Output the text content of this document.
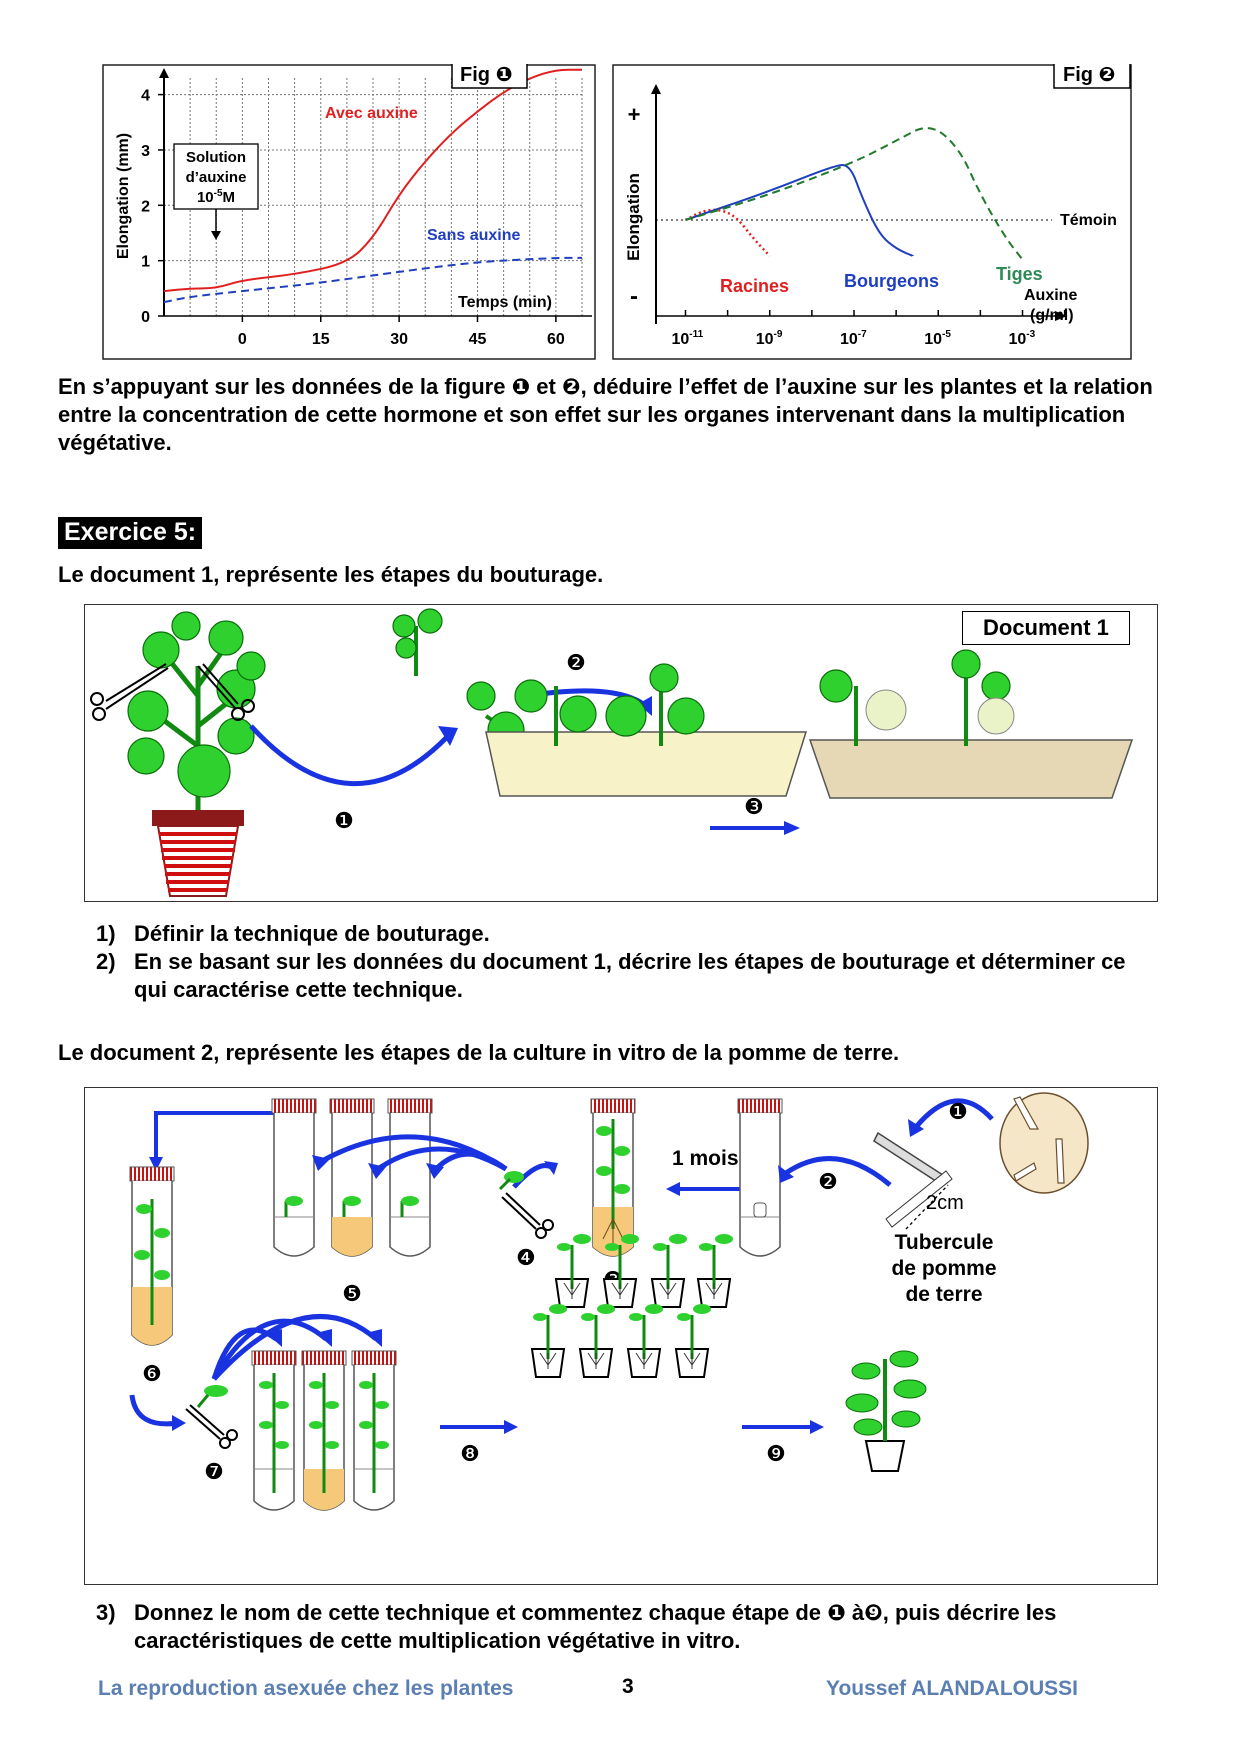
0
1
2
3
4
0	15	30	45	60
Elongation (mm)
Temps (min)
Avec auxine
Sans auxine
Solution
d’auxine
$10^{-5}M$
Fig ❶
+
-
Elongation	Témoin
Racines	Bourgeons	Tiges
Auxine
(g/ml)
$10^{-11}$	$10^{-9}$	$10^{-7}$	$10^{-5}$	$10^{-3}$
Fig ❷
En s’appuyant sur les données de la figure ❶ et ❷, déduire l’effet de l’auxine sur les plantes et la relation entre la concentration de cette hormone et son effet sur les organes intervenant dans la multiplication végétative.
Exercice 5:
Le document 1, représente les étapes du bouturage.
Document 1
❶
❷
❸
1) Définir la technique de bouturage.
2) En se basant sur les données du document 1, décrire les étapes de bouturage et déterminer ce qui caractérise cette technique.
Le document 2, représente les étapes de la culture in vitro de la pomme de terre.
❻
❺
❹
1 mois
❷
2cm
❶
Tubercule
de pomme
de terre
❼
❽	❾
3) Donnez le nom de cette technique et commentez chaque étape de ❶ à❾, puis décrire les caractéristiques de cette multiplication végétative in vitro.
La reproduction asexuée chez les plantes	3	Youssef ALANDALOUSSI
